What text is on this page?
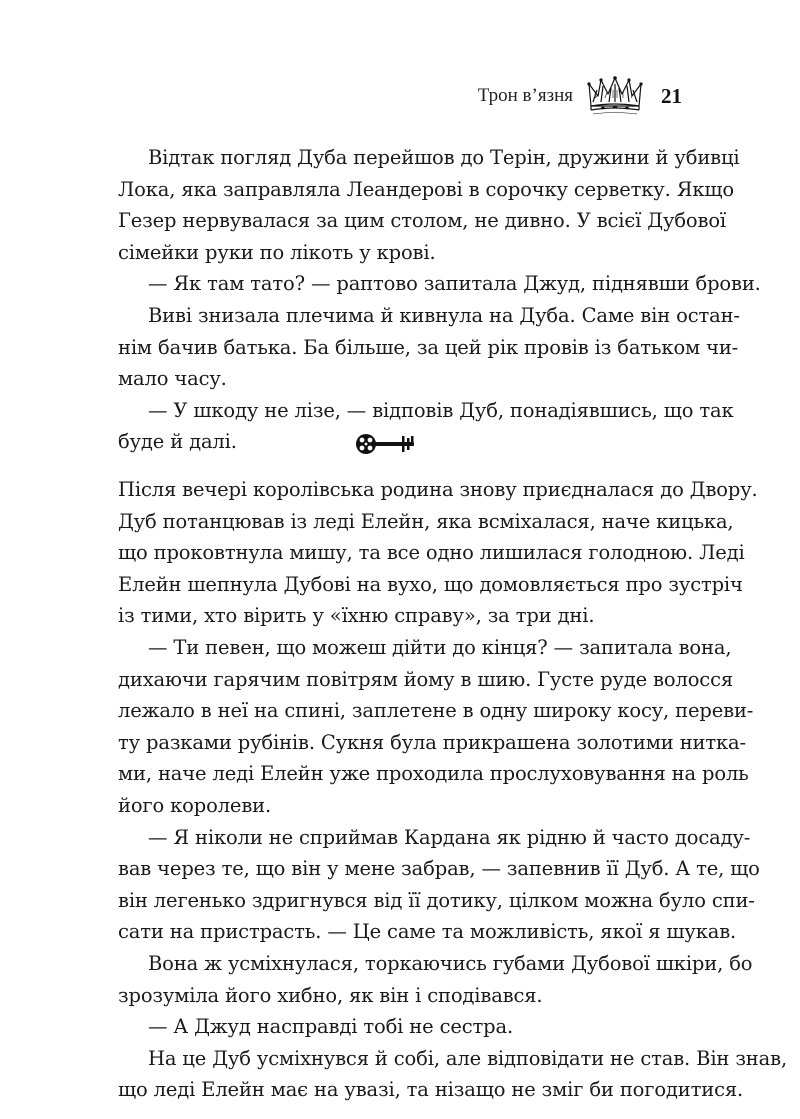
Трон вʼязня	21
Відтак погляд Дуба перейшов до Терін, дружини й убивці
Лока, яка заправляла Леандерові в сорочку серветку. Якщо
Гезер нервувалася за цим столом, не дивно. У всієї Дубової
сімейки руки по лікоть у крові.
— Як там тато? — раптово запитала Джуд, піднявши брови.
Виві знизала плечима й кивнула на Дуба. Саме він остан-
нім бачив батька. Ба більше, за цей рік провів із батьком чи-
мало часу.
— У шкоду не лізе, — відповів Дуб, понадіявшись, що так
буде й далі.
Після вечері королівська родина знову приєдналася до Двору.
Дуб потанцював із леді Елейн, яка всміхалася, наче кицька,
що проковтнула мишу, та все одно лишилася голодною. Леді
Елейн шепнула Дубові на вухо, що домовляється про зустріч
із тими, хто вірить у «їхню справу», за три дні.
— Ти певен, що можеш дійти до кінця? — запитала вона,
дихаючи гарячим повітрям йому в шию. Густе руде волосся
лежало в неї на спині, заплетене в одну широку косу, переви-
ту разками рубінів. Сукня була прикрашена золотими нитка-
ми, наче леді Елейн уже проходила прослуховування на роль
його королеви.
— Я ніколи не сприймав Кардана як рідню й часто досаду-
вав через те, що він у мене забрав, — запевнив її Дуб. А те, що
він легенько здригнувся від її дотику, цілком можна було спи-
сати на пристрасть. — Це саме та можливість, якої я шукав.
Вона ж усміхнулася, торкаючись губами Дубової шкіри, бо
зрозуміла його хибно, як він і сподівався.
— А Джуд насправді тобі не сестра.
На це Дуб усміхнувся й собі, але відповідати не став. Він знав,
що леді Елейн має на увазі, та нізащо не зміг би погодитися.
